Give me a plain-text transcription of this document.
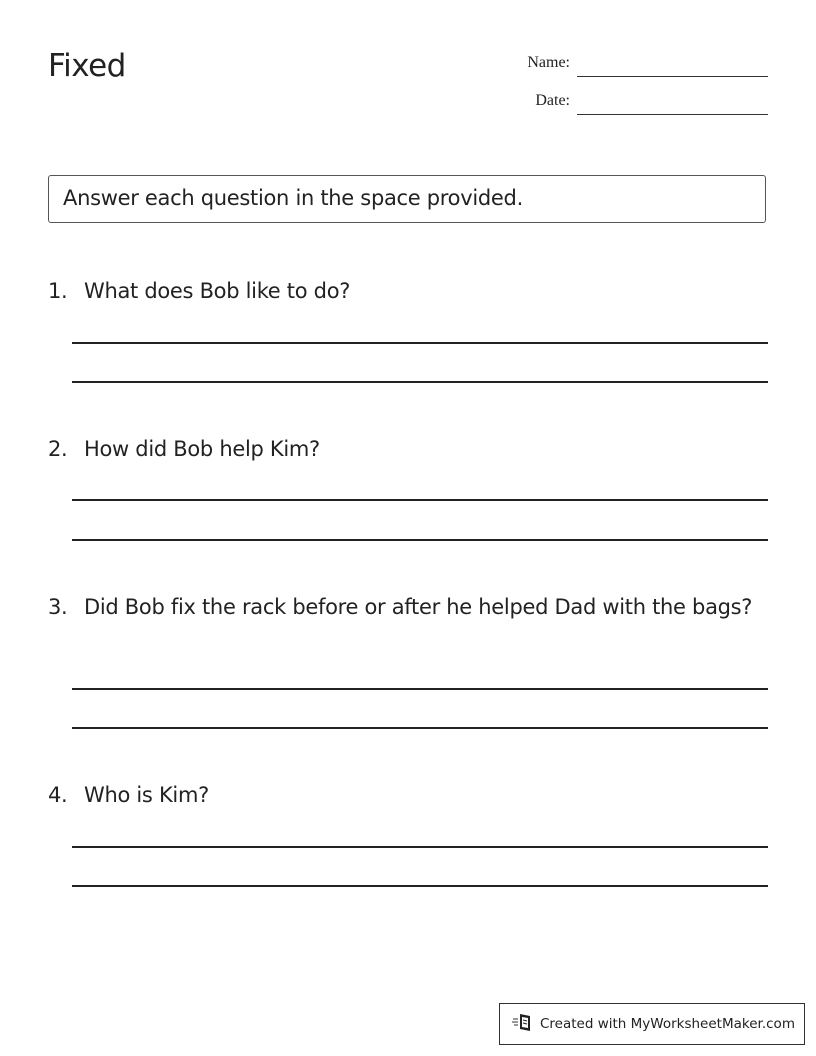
Fixed	Name:
Date:
Answer each question in the space provided.
1. What does Bob like to do?
2. How did Bob help Kim?
3. Did Bob fix the rack before or after he helped Dad with the bags?
4. Who is Kim?
Created with MyWorksheetMaker.com
